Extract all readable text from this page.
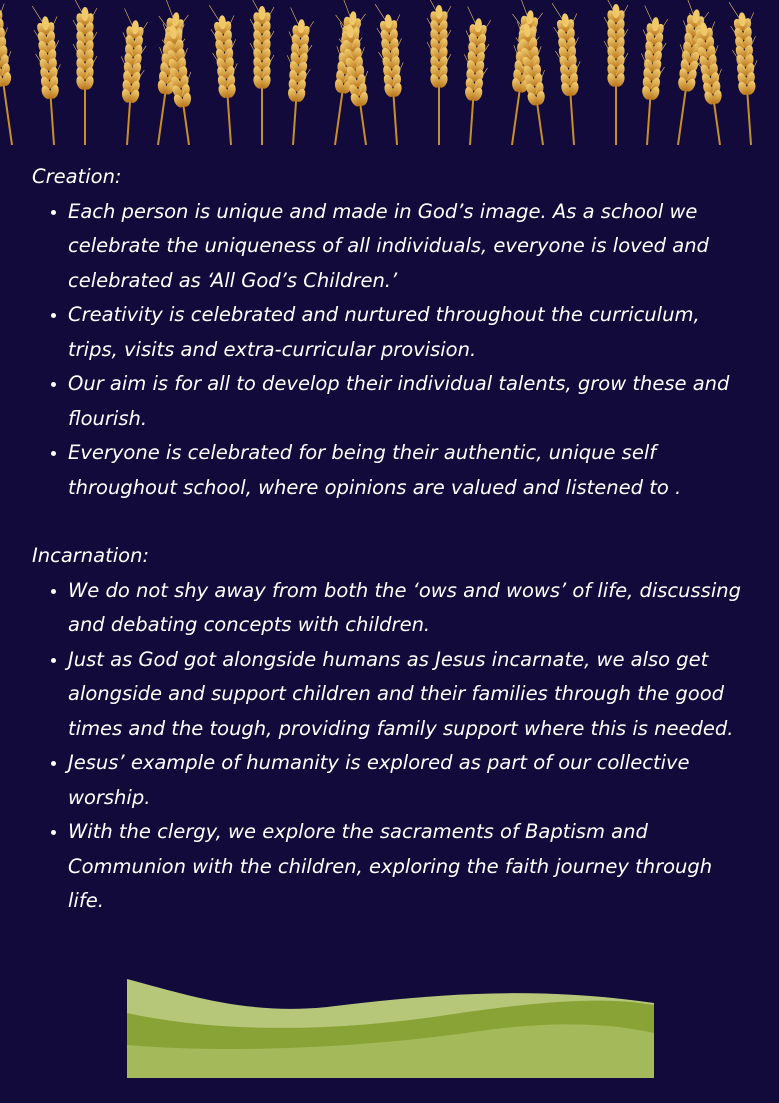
Creation:

• Each person is unique and made in God’s image. As a school we celebrate the uniqueness of all individuals, everyone is loved and celebrated as ‘All God’s Children.’
• Creativity is celebrated and nurtured throughout the curriculum, trips, visits and extra-curricular provision.
• Our aim is for all to develop their individual talents, grow these and flourish.
• Everyone is celebrated for being their authentic, unique self throughout school, where opinions are valued and listened to .

Incarnation:

• We do not shy away from both the ‘ows and wows’ of life, discussing and debating concepts with children.
• Just as God got alongside humans as Jesus incarnate, we also get alongside and support children and their families through the good times and the tough, providing family support where this is needed.
• Jesus’ example of humanity is explored as part of our collective worship.
• With the clergy, we explore the sacraments of Baptism and Communion with the children, exploring the faith journey through life.
